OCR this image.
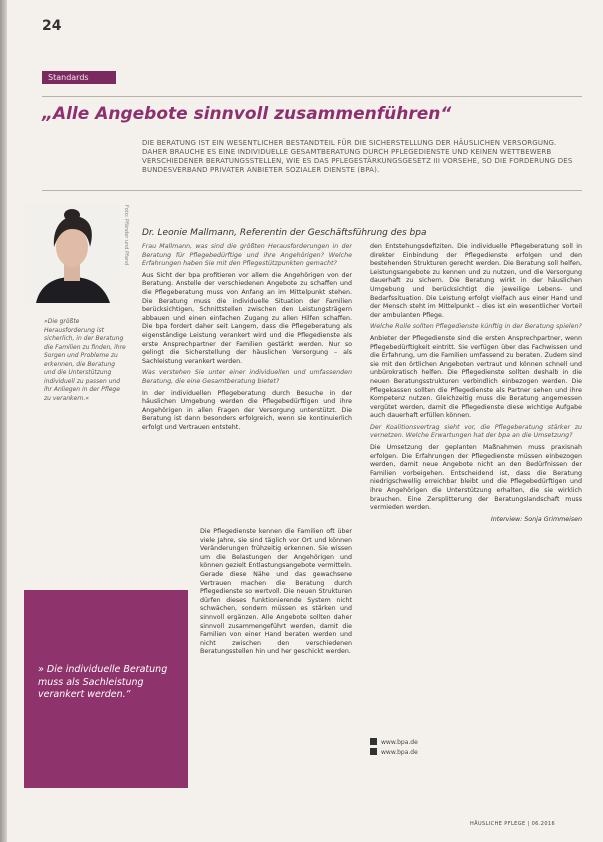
24
Standards
„Alle Angebote sinnvoll zusammenführen“
DIE BERATUNG IST EIN WESENTLICHER BESTANDTEIL FÜR DIE SICHERSTELLUNG DER HÄUSLICHEN VERSORGUNG. DAHER BRAUCHE ES EINE INDIVIDUELLE GESAMTBERATUNG DURCH PFLEGEDIENSTE UND KEINEN WETTBEWERB VERSCHIEDENER BERATUNGSSTELLEN, WIE ES DAS PFLEGESTÄRKUNGSGESETZ III VORSEHE, SO DIE FORDERUNG DES BUNDESVERBAND PRIVATER ANBIETER SOZIALER DIENSTE (BPA).
Foto: Pfänder und Pfand Dr. Leonie Mallmann, Referentin der Geschäftsführung des bpa
»Die größte Herausforderung ist sicherlich, in der Beratung die Familien zu finden, ihre Sorgen und Probleme zu erkennen, die Beratung und die Unterstützung individuell zu passen und ihr Anliegen in der Pflege zu verankern.«

Frau Mallmann, was sind die größten Herausforderungen in der Beratung für Pflegebedürftige und ihre Angehörigen? Welche Erfahrungen haben Sie mit den Pflegestützpunkten gemacht?

Aus Sicht der bpa profitieren vor allem die Angehörigen von der Beratung. Anstelle der verschiedenen Angebote zu schaffen und die Pflegeberatung muss von Anfang an im Mittelpunkt stehen. Die Beratung muss die individuelle Situation der Familien berücksichtigen, Schnittstellen zwischen den Leistungsträgern abbauen und einen einfachen Zugang zu allen Hilfen schaffen. Die bpa fordert daher seit Langem, dass die Pflegeberatung als eigenständige Leistung verankert wird und die Pflegedienste als erste Ansprechpartner der Familien gestärkt werden. Nur so gelingt die Sicherstellung der häuslichen Versorgung – als Sachleistung verankert werden.

Was verstehen Sie unter einer individuellen und umfassenden Beratung, die eine Gesamtberatung bietet?

In der individuellen Pflegeberatung durch Besuche in der häuslichen Umgebung werden die Pflegebedürftigen und ihre Angehörigen in allen Fragen der Versorgung unterstützt. Die Beratung ist dann besonders erfolgreich, wenn sie kontinuierlich erfolgt und Vertrauen entsteht.

Die Pflegedienste kennen die Familien oft über viele Jahre, sie sind täglich vor Ort und können Veränderungen frühzeitig erkennen. Sie wissen um die Belastungen der Angehörigen und können gezielt Entlastungsangebote vermitteln. Gerade diese Nähe und das gewachsene Vertrauen machen die Beratung durch Pflegedienste so wertvoll. Die neuen Strukturen dürfen dieses funktionierende System nicht schwächen, sondern müssen es stärken und sinnvoll ergänzen. Alle Angebote sollten daher sinnvoll zusammengeführt werden, damit die Familien von einer Hand beraten werden und nicht zwischen den verschiedenen Beratungsstellen hin und her geschickt werden.

den Entstehungsdefiziten. Die individuelle Pflegeberatung soll in direkter Einbindung der Pflegedienste erfolgen und den bestehenden Strukturen gerecht werden. Die Beratung soll helfen, Leistungsangebote zu kennen und zu nutzen, und die Versorgung dauerhaft zu sichern. Die Beratung wirkt in der häuslichen Umgebung und berücksichtigt die jeweilige Lebens- und Bedarfssituation. Die Leistung erfolgt vielfach aus einer Hand und der Mensch steht im Mittelpunkt – dies ist ein wesentlicher Vorteil der ambulanten Pflege.

Welche Rolle sollten Pflegedienste künftig in der Beratung spielen?

Anbieter der Pflegedienste sind die ersten Ansprechpartner, wenn Pflegebedürftigkeit eintritt. Sie verfügen über das Fachwissen und die Erfahrung, um die Familien umfassend zu beraten. Zudem sind sie mit den örtlichen Angeboten vertraut und können schnell und unbürokratisch helfen. Die Pflegedienste sollten deshalb in die neuen Beratungsstrukturen verbindlich einbezogen werden. Die Pflegekassen sollten die Pflegedienste als Partner sehen und ihre Kompetenz nutzen. Gleichzeitig muss die Beratung angemessen vergütet werden, damit die Pflegedienste diese wichtige Aufgabe auch dauerhaft erfüllen können.

Der Koalitionsvertrag sieht vor, die Pflegeberatung stärker zu vernetzen. Welche Erwartungen hat der bpa an die Umsetzung?

Die Umsetzung der geplanten Maßnahmen muss praxisnah erfolgen. Die Erfahrungen der Pflegedienste müssen einbezogen werden, damit neue Angebote nicht an den Bedürfnissen der Familien vorbeigehen. Entscheidend ist, dass die Beratung niedrigschwellig erreichbar bleibt und die Pflegebedürftigen und ihre Angehörigen die Unterstützung erhalten, die sie wirklich brauchen. Eine Zersplitterung der Beratungslandschaft muss vermieden werden.

Interview: Sonja Grimmeisen

» Die individuelle Beratung muss als Sachleistung verankert werden.“
www.bpa.de
www.bpa.de
HÄUSLICHE PFLEGE | 06.2016
